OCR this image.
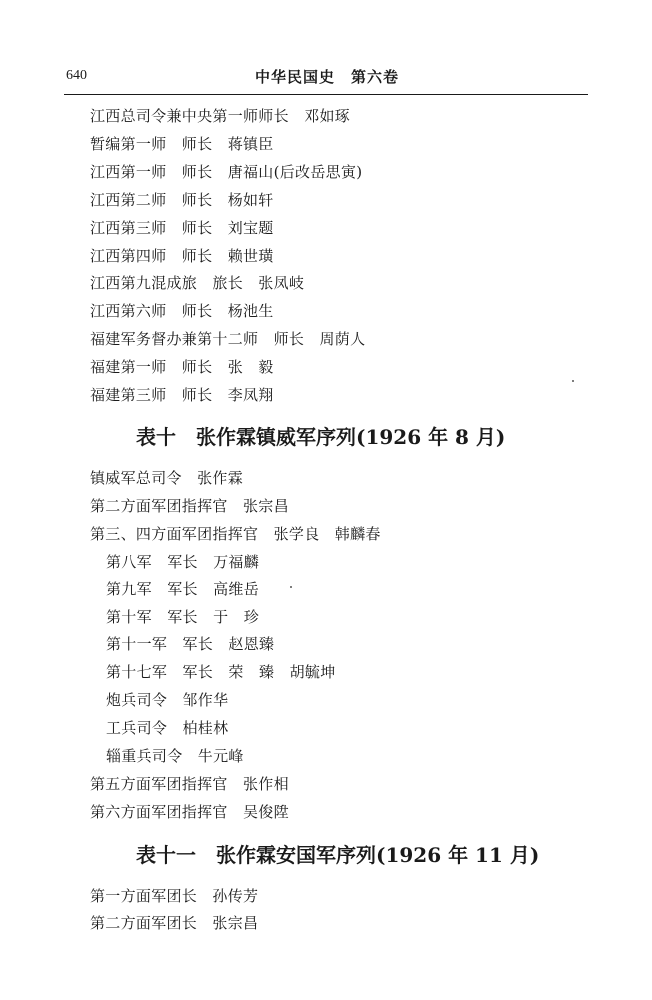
640	中华民国史　第六卷
江西总司令兼中央第一师师长　邓如琢
暂编第一师　师长　蒋镇臣
江西第一师　师长　唐福山(后改岳思寅)
江西第二师　师长　杨如轩
江西第三师　师长　刘宝题
江西第四师　师长　赖世璜
江西第九混成旅　旅长　张凤岐
江西第六师　师长　杨池生
福建军务督办兼第十二师　师长　周荫人
福建第一师　师长　张　毅
福建第三师　师长　李凤翔
表十　张作霖镇威军序列(1926 年 8 月)
镇威军总司令　张作霖
第二方面军团指挥官　张宗昌
第三、四方面军团指挥官　张学良　韩麟春
第八军　军长　万福麟
第九军　军长　高维岳
第十军　军长　于　珍
第十一军　军长　赵恩臻
第十七军　军长　荣　臻　胡毓坤
炮兵司令　邹作华
工兵司令　柏桂林
辎重兵司令　牛元峰
第五方面军团指挥官　张作相
第六方面军团指挥官　吴俊陞
表十一　张作霖安国军序列(1926 年 11 月)
第一方面军团长　孙传芳
第二方面军团长　张宗昌
